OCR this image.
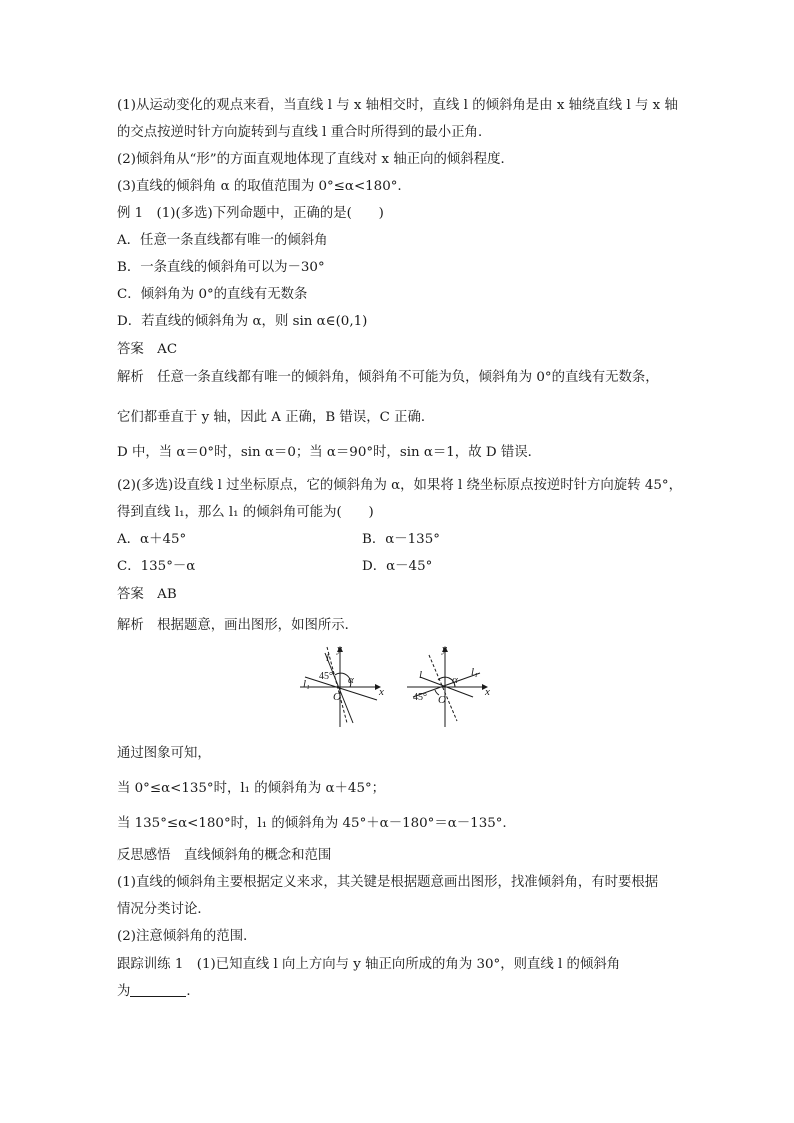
(1)从运动变化的观点来看，当直线 l 与 x 轴相交时，直线 l 的倾斜角是由 x 轴绕直线 l 与 x 轴
的交点按逆时针方向旋转到与直线 l 重合时所得到的最小正角．
(2)倾斜角从“形”的方面直观地体现了直线对 x 轴正向的倾斜程度．
(3)直线的倾斜角 α 的取值范围为 0°≤α<180°.
例 1　(1)(多选)下列命题中，正确的是(　　)
A．任意一条直线都有唯一的倾斜角
B．一条直线的倾斜角可以为－30°
C．倾斜角为 0°的直线有无数条
D．若直线的倾斜角为 α，则 sin α∈(0,1)
答案　AC
解析　任意一条直线都有唯一的倾斜角，倾斜角不可能为负，倾斜角为 0°的直线有无数条，
它们都垂直于 y 轴，因此 A 正确，B 错误，C 正确．
D 中，当 α＝0°时，sin α＝0；当 α＝90°时，sin α＝1，故 D 错误．
(2)(多选)设直线 l 过坐标原点，它的倾斜角为 α，如果将 l 绕坐标原点按逆时针方向旋转 45°，
得到直线 l₁，那么 l₁ 的倾斜角可能为(　　)
A．α＋45°	B．α－135°
C．135°－α	D．α－45°
答案　AB
解析　根据题意，画出图形，如图所示．
y
x
O
l
l₁
45° α
y
x
O
l	l₁
45°
α
通过图象可知，
当 0°≤α<135°时，l₁ 的倾斜角为 α＋45°；
当 135°≤α<180°时，l₁ 的倾斜角为 45°＋α－180°＝α－135°.
反思感悟　直线倾斜角的概念和范围
(1)直线的倾斜角主要根据定义来求，其关键是根据题意画出图形，找准倾斜角，有时要根据
情况分类讨论．
(2)注意倾斜角的范围．
跟踪训练 1　(1)已知直线 l 向上方向与 y 轴正向所成的角为 30°，则直线 l 的倾斜角
为	．
